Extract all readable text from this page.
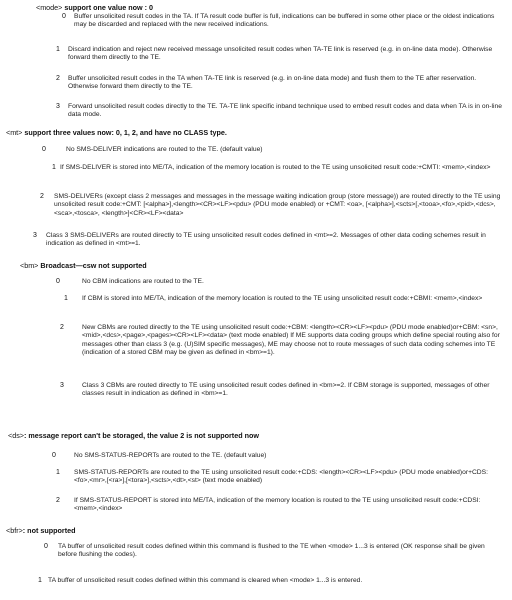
<mode> support one value now : 0
0 Buffer unsolicited result codes in the TA. If TA result code buffer is full, indications can be buffered in some other place or the oldest indications may be discarded and replaced with the new received indications.
1 Discard indication and reject new received message unsolicited result codes when TA-TE link is reserved (e.g. in on-line data mode). Otherwise forward them directly to the TE.
2 Buffer unsolicited result codes in the TA when TA-TE link is reserved (e.g. in on-line data mode) and flush them to the TE after reservation. Otherwise forward them directly to the TE.
3 Forward unsolicited result codes directly to the TE. TA-TE link specific inband technique used to embed result codes and data when TA is in on-line data mode.
<mt> support three values now: 0, 1, 2, and have no CLASS type.
0	No SMS-DELIVER indications are routed to the TE. (default value)
1 If SMS-DELIVER is stored into ME/TA, indication of the memory location is routed to the TE using unsolicited result code:+CMTI: <mem>,<index>
2 SMS-DELIVERs (except class 2 messages and messages in the message waiting indication group (store message)) are routed directly to the TE using unsolicited result code:+CMT: [<alpha>],<length><CR><LF><pdu> (PDU mode enabled) or +CMT: <oa>, [<alpha>],<scts>[,<tooa>,<fo>,<pid>,<dcs>,<sca>,<tosca>, <length>]<CR><LF><data>
3 Class 3 SMS-DELIVERs are routed directly to TE using unsolicited result codes defined in <mt>=2. Messages of other data coding schemes result in indication as defined in <mt>=1.
<bm> Broadcast—csw not supported
0	No CBM indications are routed to the TE.
1 If CBM is stored into ME/TA, indication of the memory location is routed to the TE using unsolicited result code:+CBMI: <mem>,<index>
2	New CBMs are routed directly to the TE using unsolicited result code:+CBM: <length><CR><LF><pdu> (PDU mode enabled)or+CBM: <sn>,<mid>,<dcs>,<page>,<pages><CR><LF><data> (text mode enabled) If ME supports data coding groups which define special routing also for messages other than class 3 (e.g. (U)SIM specific messages), ME may choose not to route messages of such data coding schemes into TE (indication of a stored CBM may be given as defined in <bm>=1).
3	Class 3 CBMs are routed directly to TE using unsolicited result codes defined in <bm>=2. If CBM storage is supported, messages of other classes result in indication as defined in <bm>=1.
<ds>: message report can't be storaged, the value 2 is not supported now
0	No SMS-STATUS-REPORTs are routed to the TE. (default value)
1 SMS-STATUS-REPORTs are routed to the TE using unsolicited result code:+CDS: <length><CR><LF><pdu> (PDU mode enabled)or+CDS: <fo>,<mr>,[<ra>],[<tora>],<scts>,<dt>,<st> (text mode enabled)
2 If SMS-STATUS-REPORT is stored into ME/TA, indication of the memory location is routed to the TE using unsolicited result code:+CDSI: <mem>,<index>
<bfr>: not supported
0 TA buffer of unsolicited result codes defined within this command is flushed to the TE when <mode> 1...3 is entered (OK response shall be given before flushing the codes).
1 TA buffer of unsolicited result codes defined within this command is cleared when <mode> 1...3 is entered.
